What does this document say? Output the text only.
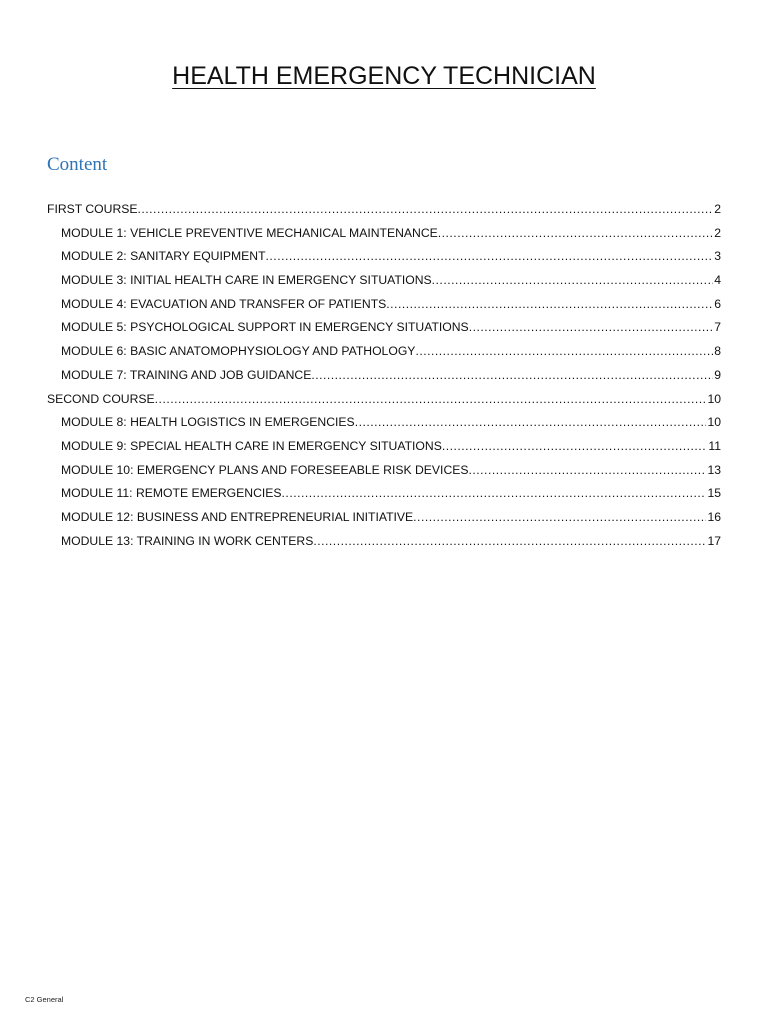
HEALTH EMERGENCY TECHNICIAN
Content
FIRST COURSE .....	2
MODULE 1: VEHICLE PREVENTIVE MECHANICAL MAINTENANCE .....	2
MODULE 2: SANITARY EQUIPMENT .....	3
MODULE 3: INITIAL HEALTH CARE IN EMERGENCY SITUATIONS .....	4
MODULE 4: EVACUATION AND TRANSFER OF PATIENTS .....	6
MODULE 5: PSYCHOLOGICAL SUPPORT IN EMERGENCY SITUATIONS .....	7
MODULE 6: BASIC ANATOMOPHYSIOLOGY AND PATHOLOGY .....	8
MODULE 7: TRAINING AND JOB GUIDANCE .....	9
SECOND COURSE .....	10
MODULE 8: HEALTH LOGISTICS IN EMERGENCIES .....	10
MODULE 9: SPECIAL HEALTH CARE IN EMERGENCY SITUATIONS .....	11
MODULE 10: EMERGENCY PLANS AND FORESEEABLE RISK DEVICES .....	13
MODULE 11: REMOTE EMERGENCIES .....	15
MODULE 12: BUSINESS AND ENTREPRENEURIAL INITIATIVE .....	16
MODULE 13: TRAINING IN WORK CENTERS .....	17
C2 General
